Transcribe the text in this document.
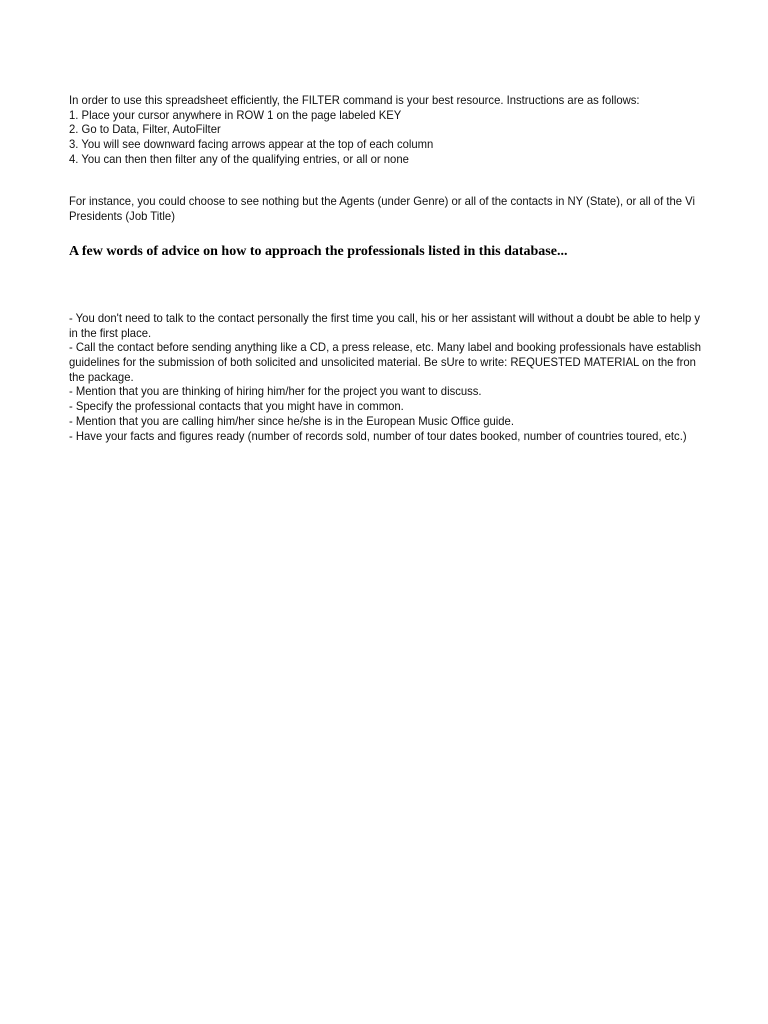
In order to use this spreadsheet efficiently, the FILTER command is your best resource. Instructions are as follows:
1. Place your cursor anywhere in ROW 1 on the page labeled KEY
2. Go to Data, Filter, AutoFilter
3. You will see downward facing arrows appear at the top of each column
4. You can then then filter any of the qualifying entries, or all or none
For instance, you could choose to see nothing but the Agents (under Genre) or all of the contacts in NY (State), or all of the Vi
Presidents (Job Title)
A few words of advice on how to approach the professionals listed in this database...
- You don't need to talk to the contact personally the first time you call, his or her assistant will without a doubt be able to help y
in the first place.
- Call the contact before sending anything like a CD, a press release, etc. Many label and booking professionals have establish
guidelines for the submission of both solicited and unsolicited material. Be sUre to write: REQUESTED MATERIAL on the fron
the package.
- Mention that you are thinking of hiring him/her for the project you want to discuss.
- Specify the professional contacts that you might have in common.
- Mention that you are calling him/her since he/she is in the European Music Office guide.
- Have your facts and figures ready (number of records sold, number of tour dates booked, number of countries toured, etc.)
